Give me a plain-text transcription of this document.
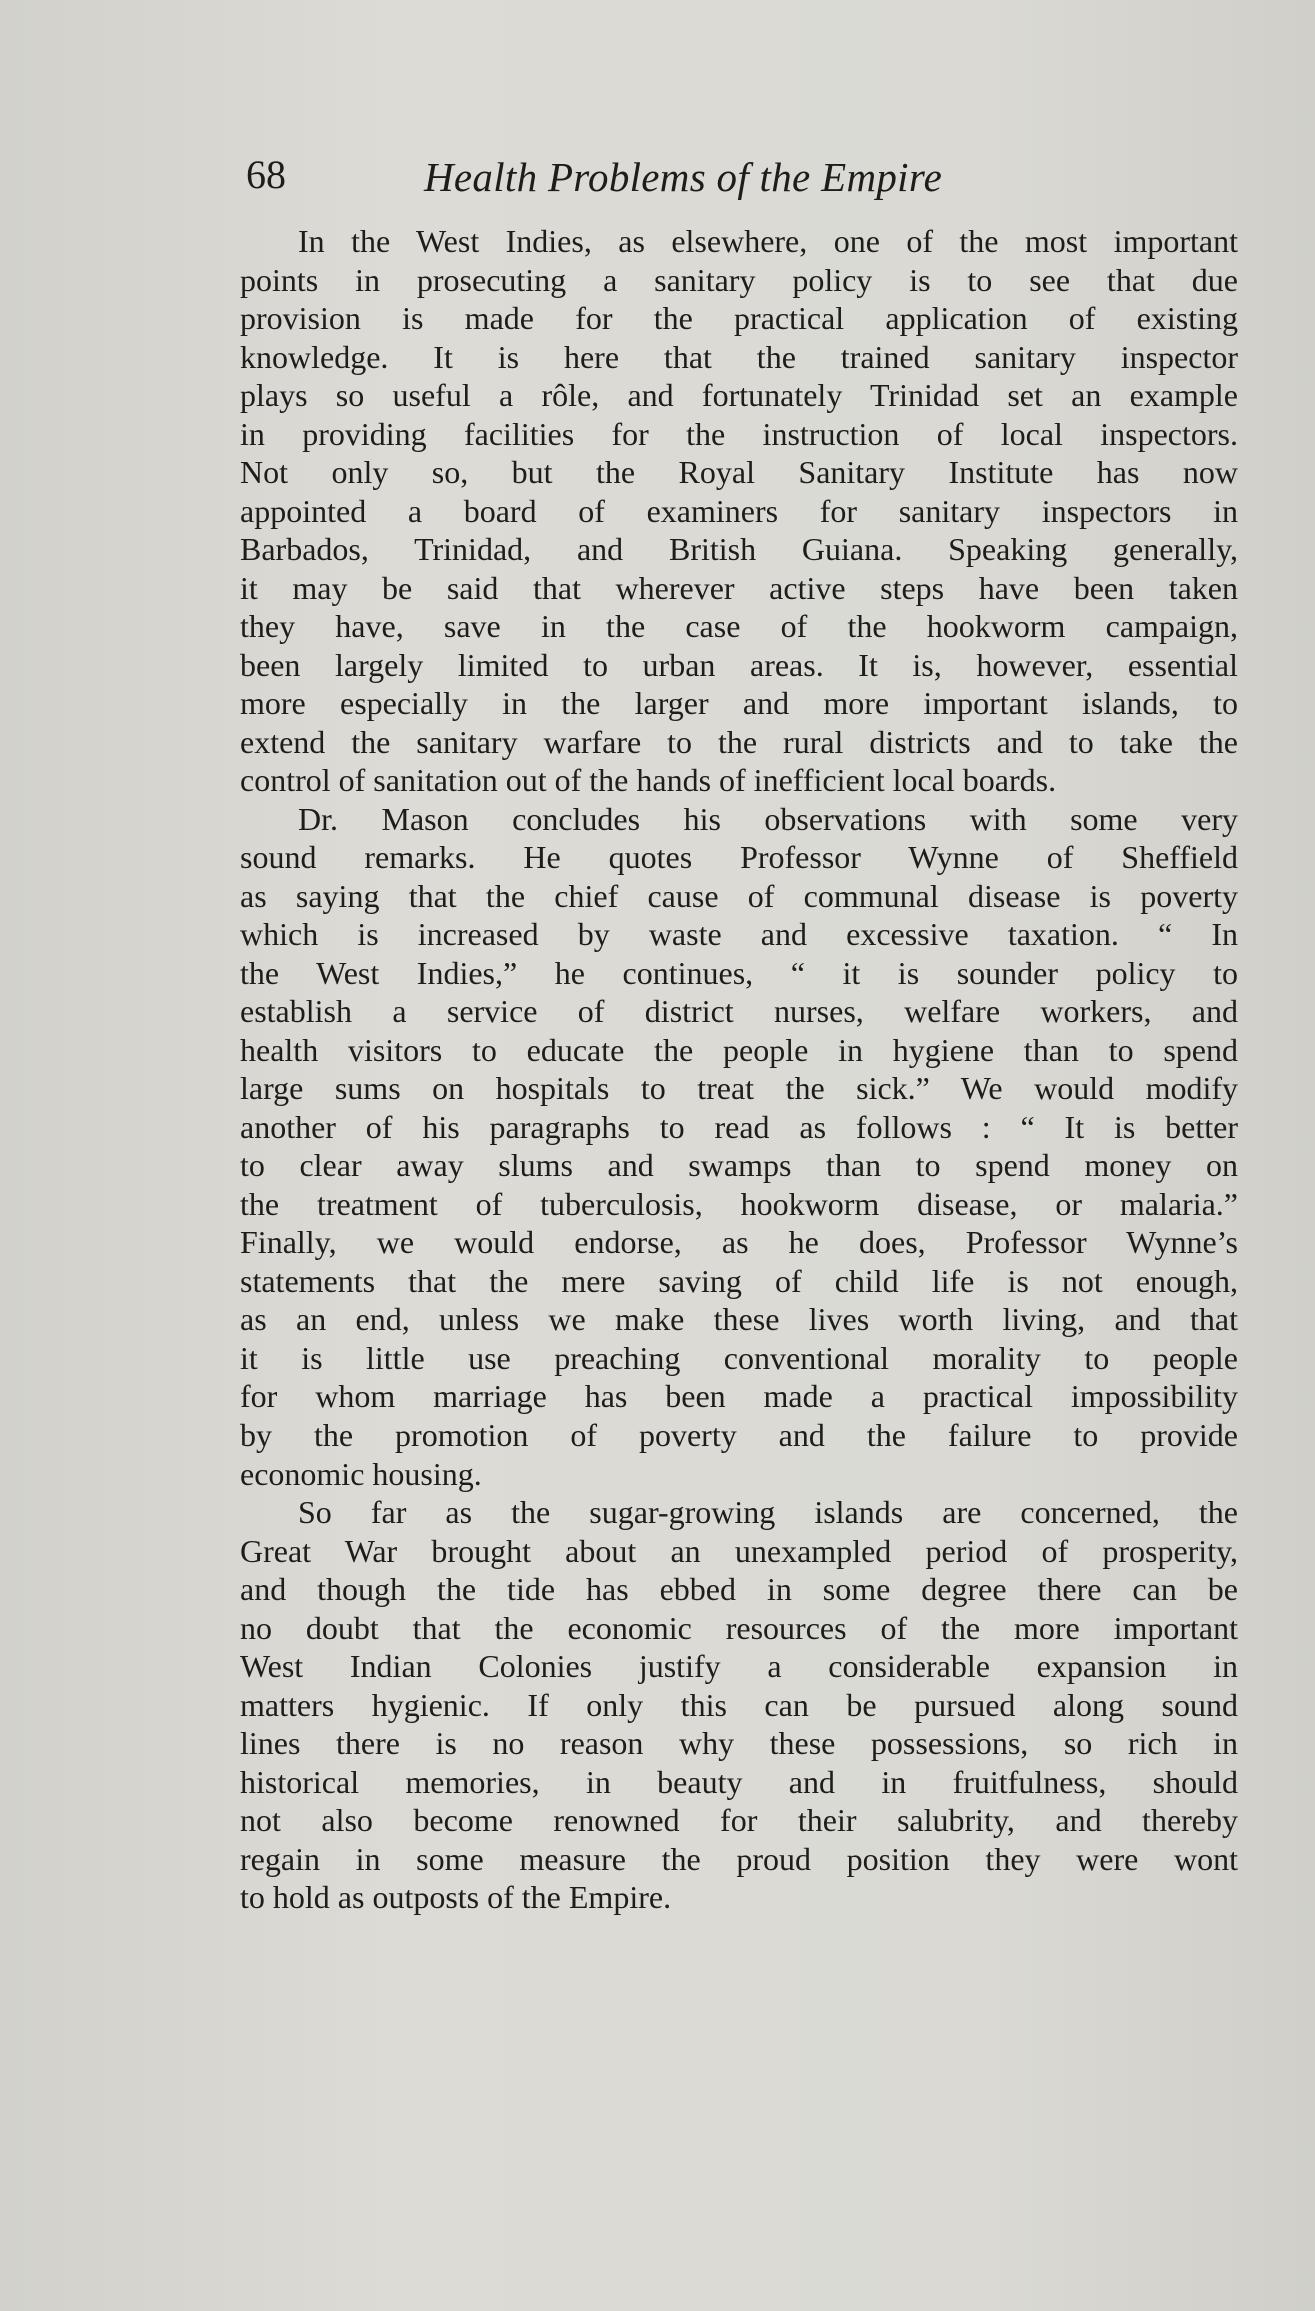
68	Health Problems of the Empire
In the West Indies, as elsewhere, one of the most important
points in prosecuting a sanitary policy is to see that due
provision is made for the practical application of existing
knowledge. It is here that the trained sanitary inspector
plays so useful a rôle, and fortunately Trinidad set an example
in providing facilities for the instruction of local inspectors.
Not only so, but the Royal Sanitary Institute has now
appointed a board of examiners for sanitary inspectors in
Barbados, Trinidad, and British Guiana. Speaking generally,
it may be said that wherever active steps have been taken
they have, save in the case of the hookworm campaign,
been largely limited to urban areas. It is, however, essential
more especially in the larger and more important islands, to
extend the sanitary warfare to the rural districts and to take the
control of sanitation out of the hands of inefficient local boards.
Dr. Mason concludes his observations with some very
sound remarks. He quotes Professor Wynne of Sheffield
as saying that the chief cause of communal disease is poverty
which is increased by waste and excessive taxation. “ In
the West Indies,” he continues, “ it is sounder policy to
establish a service of district nurses, welfare workers, and
health visitors to educate the people in hygiene than to spend
large sums on hospitals to treat the sick.” We would modify
another of his paragraphs to read as follows : “ It is better
to clear away slums and swamps than to spend money on
the treatment of tuberculosis, hookworm disease, or malaria.”
Finally, we would endorse, as he does, Professor Wynne’s
statements that the mere saving of child life is not enough,
as an end, unless we make these lives worth living, and that
it is little use preaching conventional morality to people
for whom marriage has been made a practical impossibility
by the promotion of poverty and the failure to provide
economic housing.
So far as the sugar-growing islands are concerned, the
Great War brought about an unexampled period of prosperity,
and though the tide has ebbed in some degree there can be
no doubt that the economic resources of the more important
West Indian Colonies justify a considerable expansion in
matters hygienic. If only this can be pursued along sound
lines there is no reason why these possessions, so rich in
historical memories, in beauty and in fruitfulness, should
not also become renowned for their salubrity, and thereby
regain in some measure the proud position they were wont
to hold as outposts of the Empire.
